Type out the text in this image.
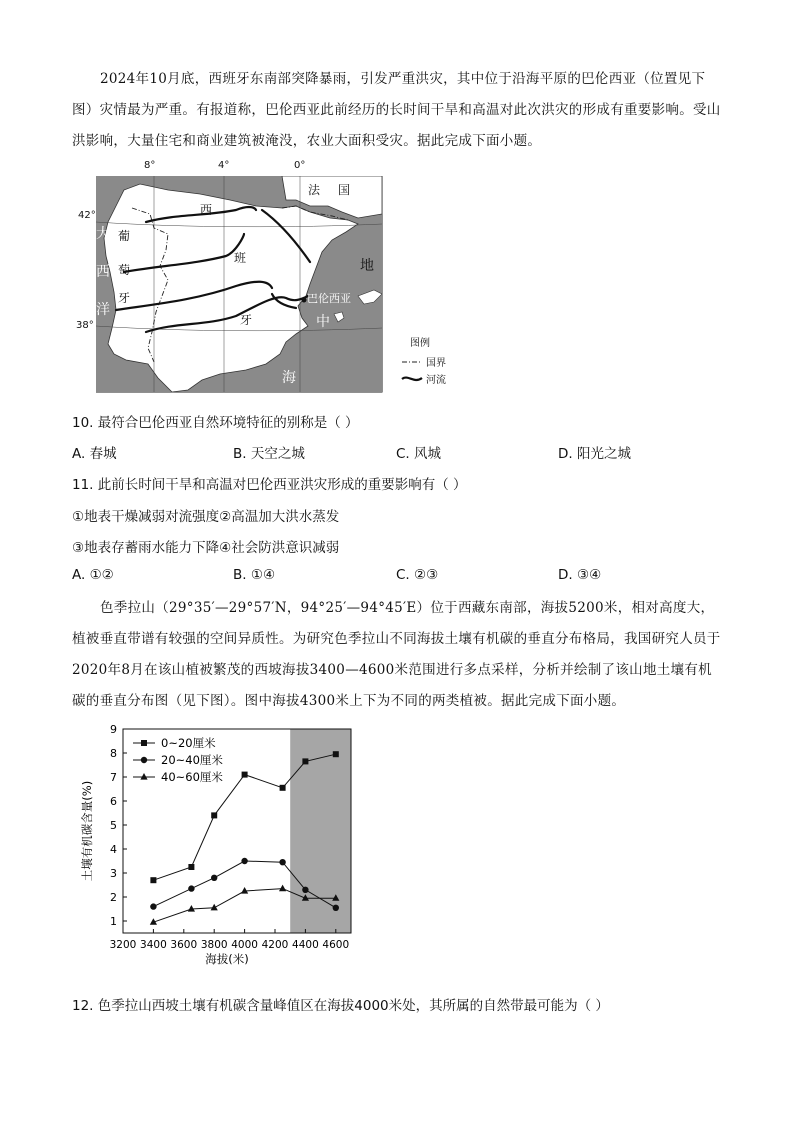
2024年10月底，西班牙东南部突降暴雨，引发严重洪灾，其中位于沿海平原的巴伦西亚（位置见下图）灾情最为严重。有报道称，巴伦西亚此前经历的长时间干旱和高温对此次洪灾的形成有重要影响。受山洪影响，大量住宅和商业建筑被淹没，农业大面积受灾。据此完成下面小题。
法 国
西
班
牙
葡
萄
牙
大
西
洋
地
中
海
巴伦西亚
图例
国界
河流
8°	4°	0°
42°
38°
10. 最符合巴伦西亚自然环境特征的别称是（ ）
A. 春城	B. 天空之城	C. 风城	D. 阳光之城
11. 此前长时间干旱和高温对巴伦西亚洪灾形成的重要影响有（ ）
①地表干燥减弱对流强度②高温加大洪水蒸发
③地表存蓄雨水能力下降④社会防洪意识减弱
A. ①②	B. ①④	C. ②③	D. ③④
色季拉山（29°35′—29°57′N，94°25′—94°45′E）位于西藏东南部，海拔5200米，相对高度大，植被垂直带谱有较强的空间异质性。为研究色季拉山不同海拔土壤有机碳的垂直分布格局，我国研究人员于2020年8月在该山植被繁茂的西坡海拔3400—4600米范围进行多点采样，分析并绘制了该山地土壤有机碳的垂直分布图（见下图）。图中海拔4300米上下为不同的两类植被。据此完成下面小题。
1
2
3
4
5
6
7
8
9
3200 3400 3600 3800 4000 4200 4400 4600
海拔(米)
土壤有机碳含量(%)
0~20厘米
20~40厘米
40~60厘米
12. 色季拉山西坡土壤有机碳含量峰值区在海拔4000米处，其所属的自然带最可能为（ ）
